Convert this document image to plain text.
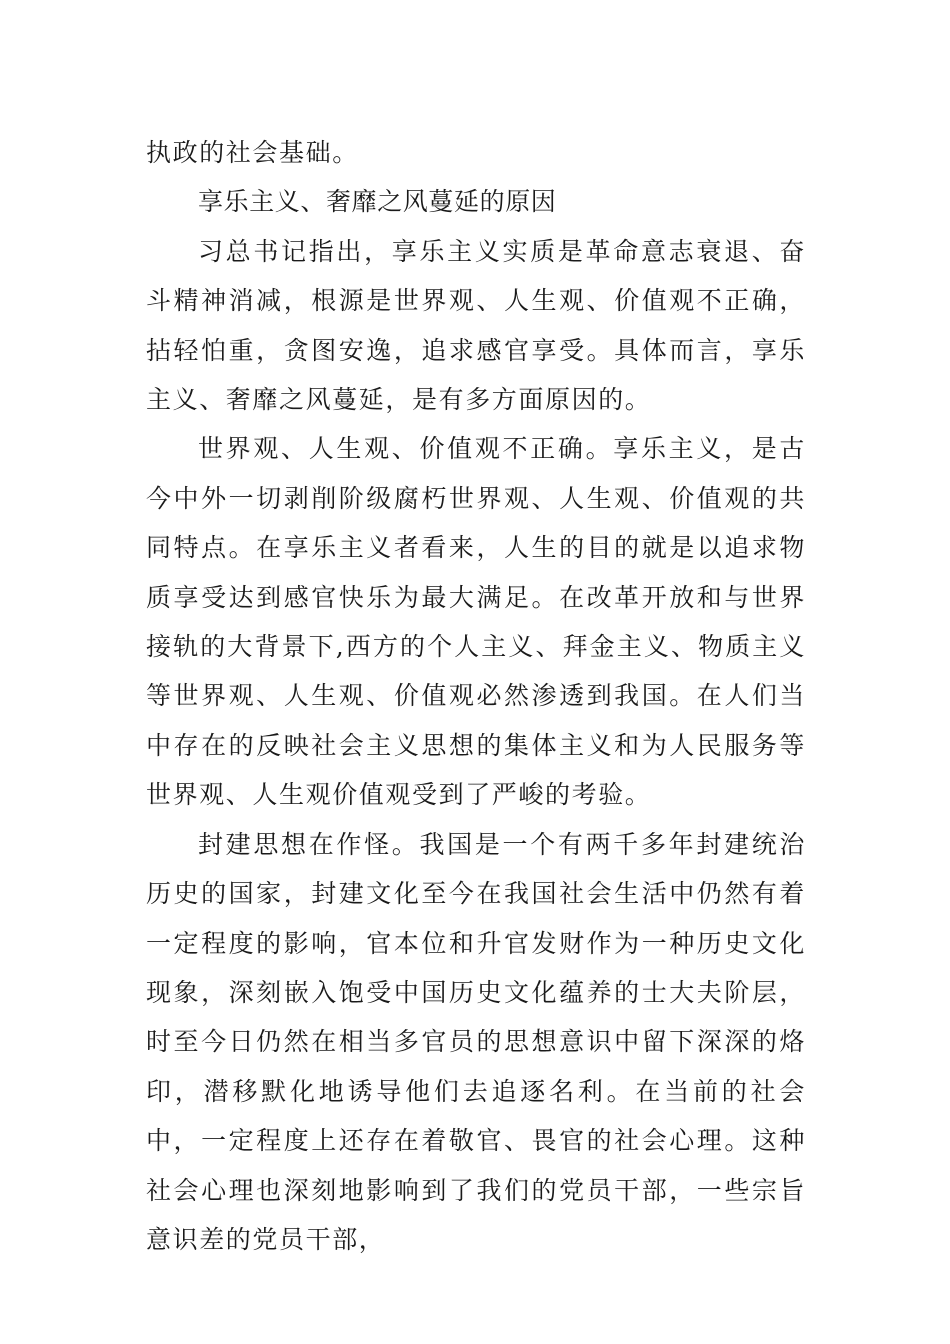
执政的社会基础。

享乐主义、奢靡之风蔓延的原因

习总书记指出，享乐主义实质是革命意志衰退、奋斗精神消减，根源是世界观、人生观、价值观不正确，拈轻怕重，贪图安逸，追求感官享受。具体而言，享乐主义、奢靡之风蔓延，是有多方面原因的。

世界观、人生观、价值观不正确。享乐主义，是古今中外一切剥削阶级腐朽世界观、人生观、价值观的共同特点。在享乐主义者看来，人生的目的就是以追求物质享受达到感官快乐为最大满足。在改革开放和与世界接轨的大背景下,西方的个人主义、拜金主义、物质主义等世界观、人生观、价值观必然渗透到我国。在人们当中存在的反映社会主义思想的集体主义和为人民服务等世界观、人生观价值观受到了严峻的考验。

封建思想在作怪。我国是一个有两千多年封建统治历史的国家，封建文化至今在我国社会生活中仍然有着一定程度的影响，官本位和升官发财作为一种历史文化现象，深刻嵌入饱受中国历史文化蕴养的士大夫阶层，时至今日仍然在相当多官员的思想意识中留下深深的烙印，潜移默化地诱导他们去追逐名利。在当前的社会中，一定程度上还存在着敬官、畏官的社会心理。这种社会心理也深刻地影响到了我们的党员干部，一些宗旨意识差的党员干部，
